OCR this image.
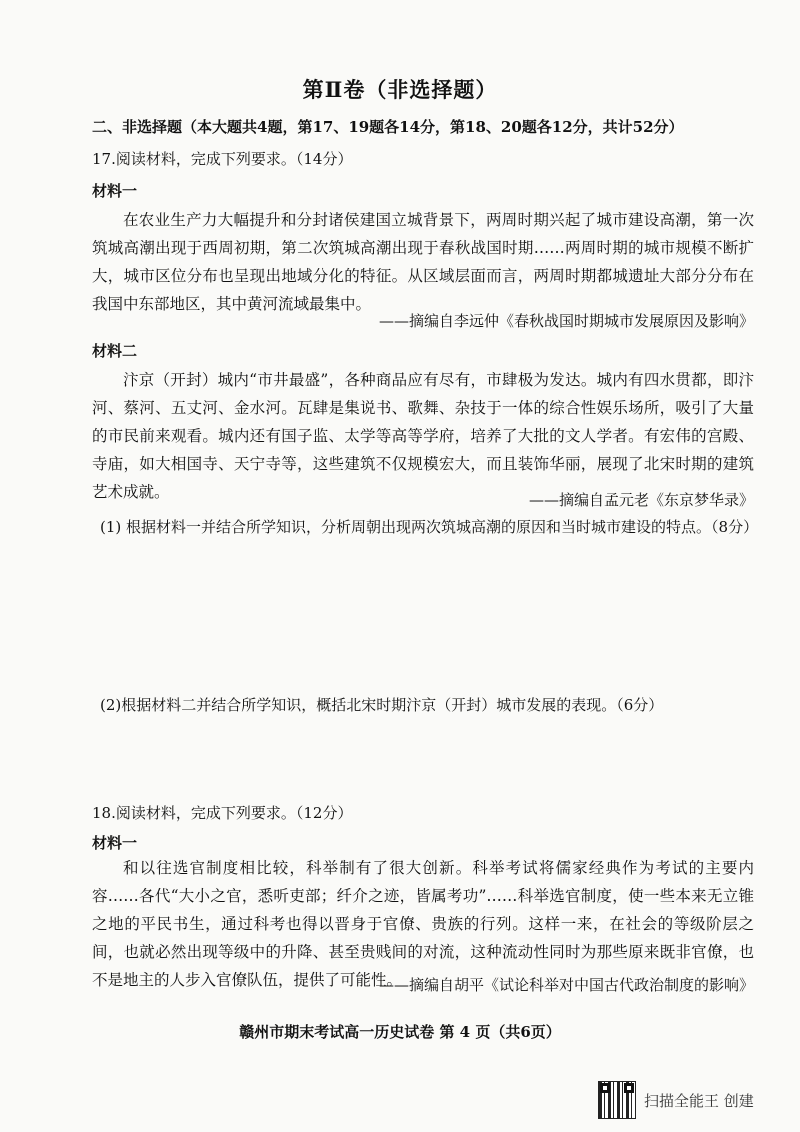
第Ⅱ卷（非选择题）
二、非选择题（本大题共4题，第17、19题各14分，第18、20题各12分，共计52分）
17.阅读材料，完成下列要求。（14分）
材料一
在农业生产力大幅提升和分封诸侯建国立城背景下，两周时期兴起了城市建设高潮，第一次筑城高潮出现于西周初期，第二次筑城高潮出现于春秋战国时期……两周时期的城市规模不断扩大，城市区位分布也呈现出地域分化的特征。从区域层面而言，两周时期都城遗址大部分分布在我国中东部地区，其中黄河流域最集中。
——摘编自李远仲《春秋战国时期城市发展原因及影响》
材料二
汴京（开封）城内“市井最盛”，各种商品应有尽有，市肆极为发达。城内有四水贯都，即汴河、蔡河、五丈河、金水河。瓦肆是集说书、歌舞、杂技于一体的综合性娱乐场所，吸引了大量的市民前来观看。城内还有国子监、太学等高等学府，培养了大批的文人学者。有宏伟的宫殿、寺庙，如大相国寺、天宁寺等，这些建筑不仅规模宏大，而且装饰华丽，展现了北宋时期的建筑艺术成就。	——摘编自孟元老《东京梦华录》
(1) 根据材料一并结合所学知识，分析周朝出现两次筑城高潮的原因和当时城市建设的特点。（8分）
(2)根据材料二并结合所学知识，概括北宋时期汴京（开封）城市发展的表现。（6分）
18.阅读材料，完成下列要求。（12分）
材料一
和以往选官制度相比较，科举制有了很大创新。科举考试将儒家经典作为考试的主要内容……各代“大小之官，悉听吏部；纤介之迹，皆属考功”……科举选官制度，使一些本来无立锥之地的平民书生，通过科考也得以晋身于官僚、贵族的行列。这样一来，在社会的等级阶层之间，也就必然出现等级中的升降、甚至贵贱间的对流，这种流动性同时为那些原来既非官僚，也不是地主的人步入官僚队伍，提供了可能性。
——摘编自胡平《试论科举对中国古代政治制度的影响》
赣州市期末考试高一历史试卷 第 4 页（共6页）
扫描全能王 创建
